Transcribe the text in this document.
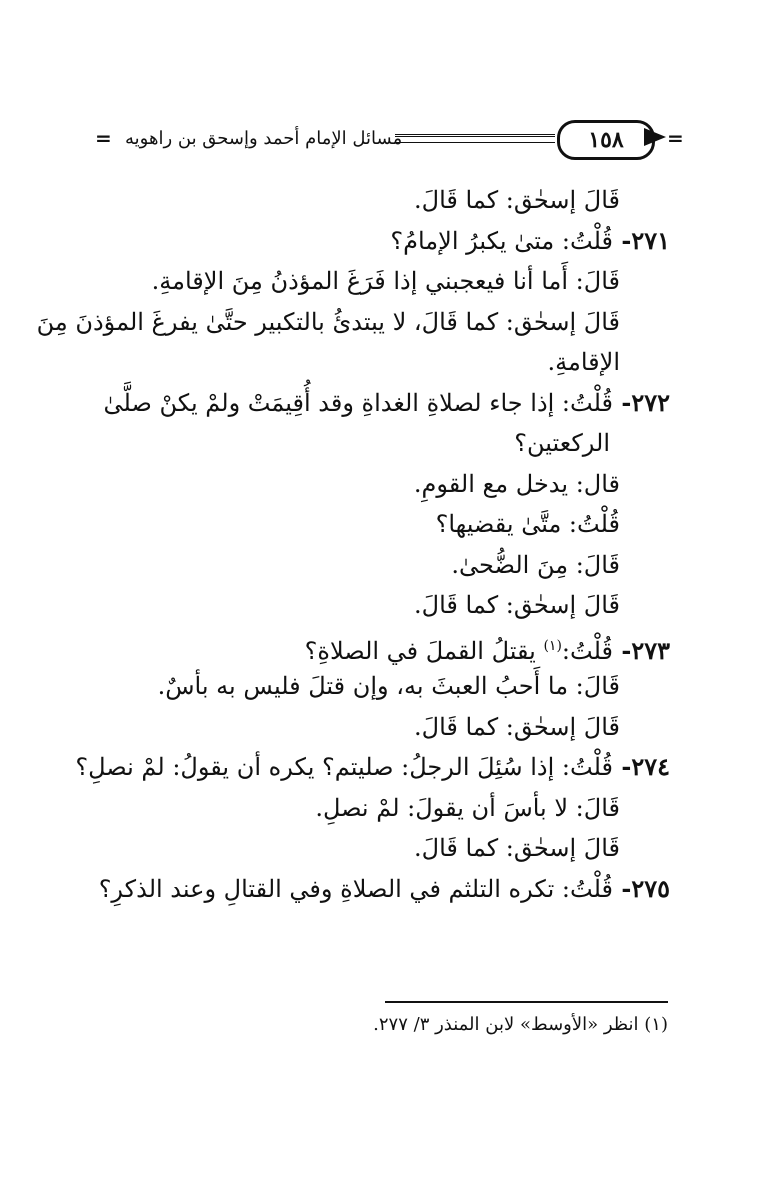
= مسائل الإمام أحمد وإسحق بن راهويه	١٥٨	=
قَالَ إسحٰق: كما قَالَ.
٢٧١- قُلْتُ: متىٰ يكبرُ الإمامُ؟
قَالَ: أَما أنا فيعجبني إذا فَرَغَ المؤذنُ مِنَ الإقامةِ.
قَالَ إسحٰق: كما قَالَ، لا يبتدئُ بالتكبير حتَّىٰ يفرغَ المؤذنَ مِنَ
الإقامةِ.
٢٧٢- قُلْتُ: إذا جاء لصلاةِ الغداةِ وقد أُقِيمَتْ ولمْ يكنْ صلَّىٰ
الركعتين؟
قال: يدخل مع القومِ.
قُلْتُ: متَّىٰ يقضيها؟
قَالَ: مِنَ الضُّحىٰ.
قَالَ إسحٰق: كما قَالَ.
٢٧٣- قُلْتُ:$^{(١)}$ يقتلُ القملَ في الصلاةِ؟
قَالَ: ما أَحبُ العبثَ به، وإن قتلَ فليس به بأسٌ.
قَالَ إسحٰق: كما قَالَ.
٢٧٤- قُلْتُ: إذا سُئِلَ الرجلُ: صليتم؟ يكره أن يقولُ: لمْ نصلِ؟
قَالَ: لا بأسَ أن يقولَ: لمْ نصلِ.
قَالَ إسحٰق: كما قَالَ.
٢٧٥- قُلْتُ: تكره التلثم في الصلاةِ وفي القتالِ وعند الذكرِ؟
(١) انظر «الأوسط» لابن المنذر ٣/ ٢٧٧.
